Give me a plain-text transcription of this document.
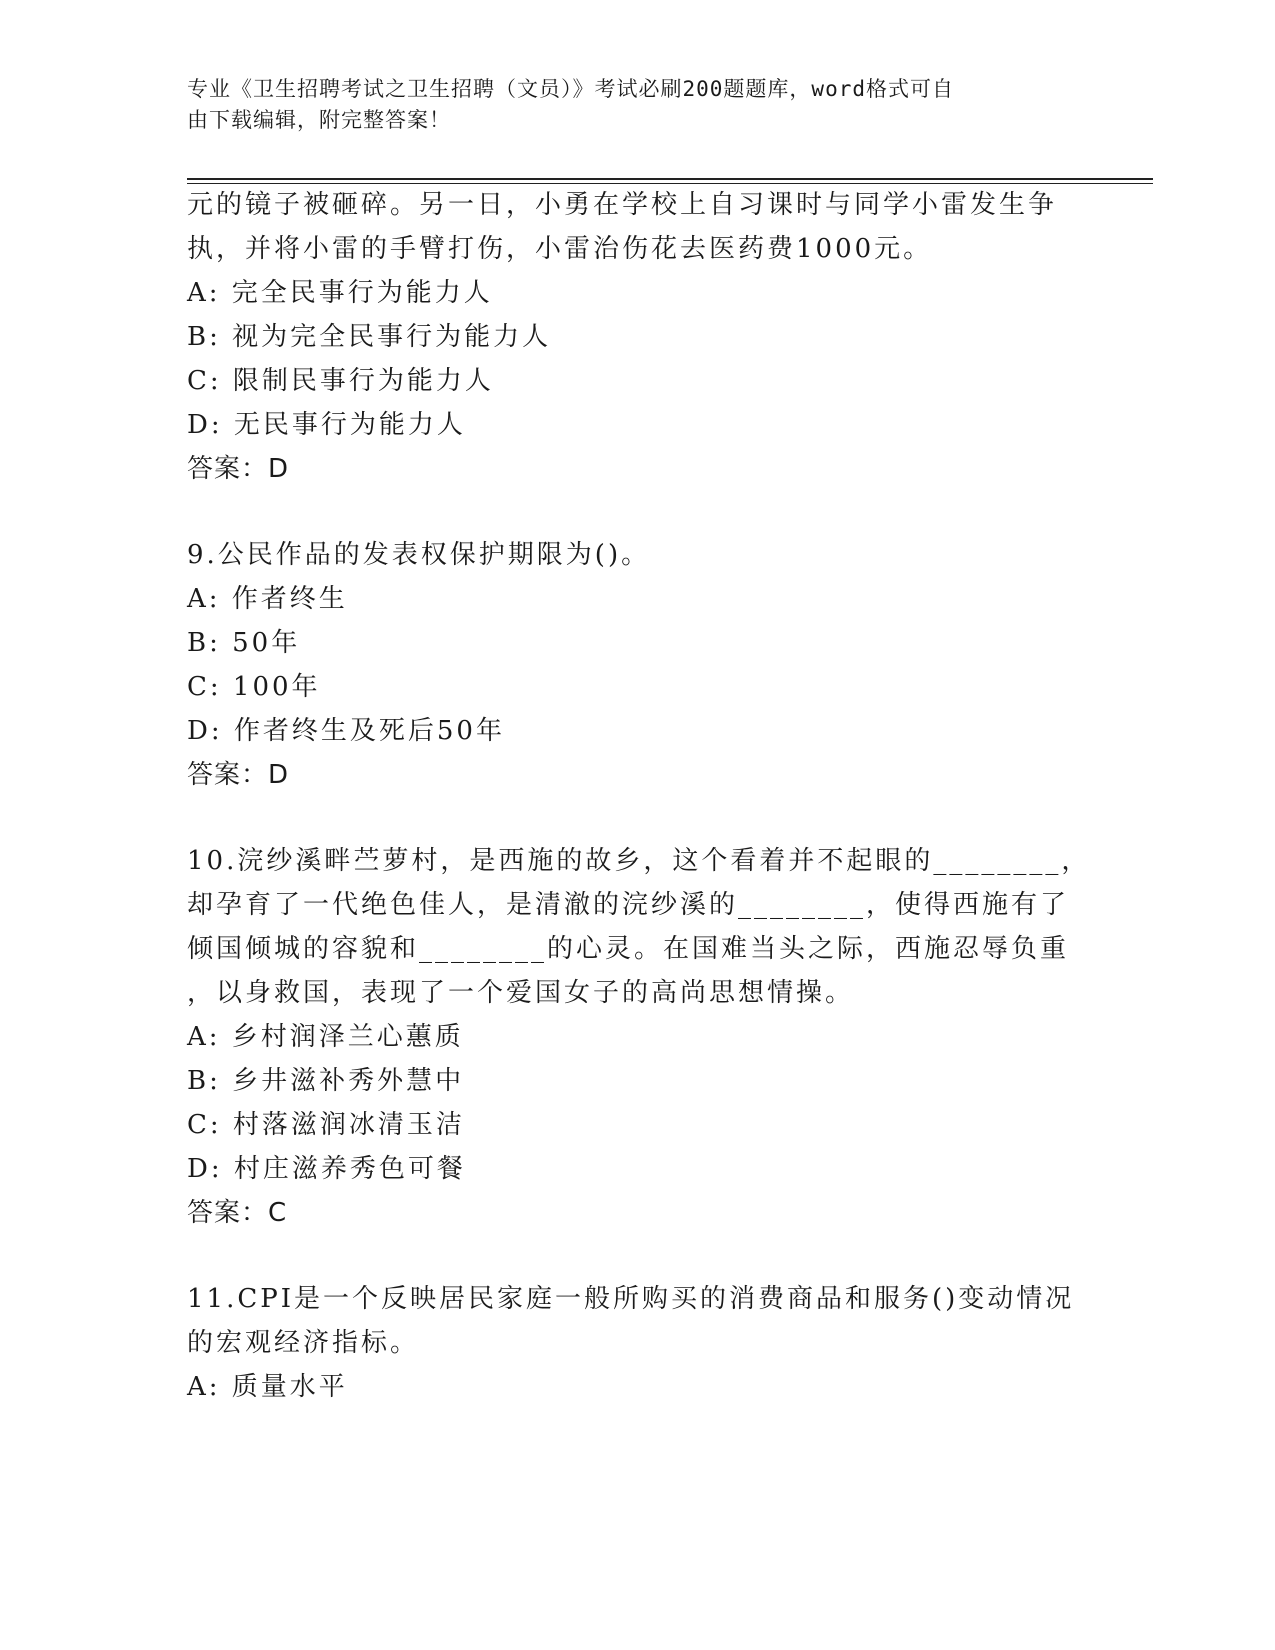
专业《卫生招聘考试之卫生招聘（文员）》考试必刷200题题库，word格式可自
由下载编辑，附完整答案！
元的镜子被砸碎。另一日，小勇在学校上自习课时与同学小雷发生争
执，并将小雷的手臂打伤，小雷治伤花去医药费1000元。
A: 完全民事行为能力人
B: 视为完全民事行为能力人
C: 限制民事行为能力人
D: 无民事行为能力人
答案：D
9.公民作品的发表权保护期限为()。
A: 作者终生
B: 50年
C: 100年
D: 作者终生及死后50年
答案：D
10.浣纱溪畔苎萝村，是西施的故乡，这个看着并不起眼的________，
却孕育了一代绝色佳人，是清澈的浣纱溪的________，使得西施有了
倾国倾城的容貌和________的心灵。在国难当头之际，西施忍辱负重
，以身救国，表现了一个爱国女子的高尚思想情操。
A: 乡村润泽兰心蕙质
B: 乡井滋补秀外慧中
C: 村落滋润冰清玉洁
D: 村庄滋养秀色可餐
答案：C
11.CPI是一个反映居民家庭一般所购买的消费商品和服务()变动情况
的宏观经济指标。
A: 质量水平
